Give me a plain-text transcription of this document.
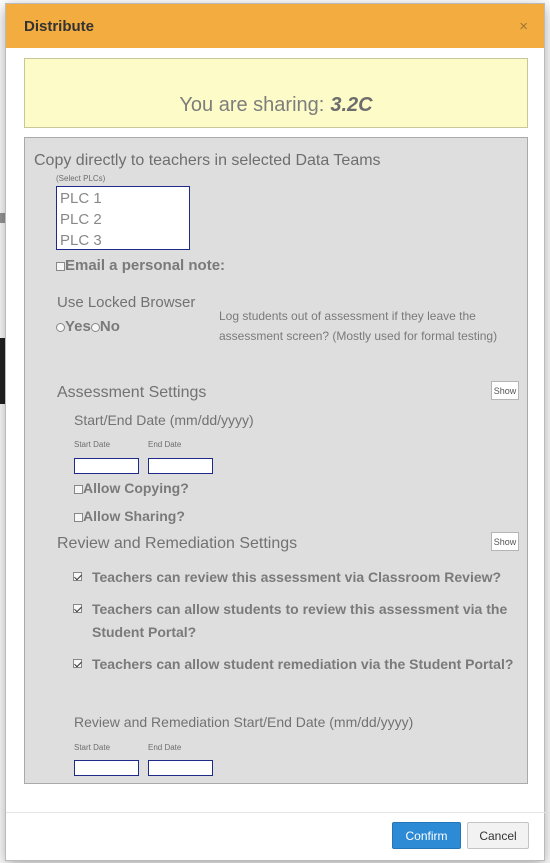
Distribute	×
You are sharing: 3.2C
Copy directly to teachers in selected Data Teams
(Select PLCs)
PLC 1
PLC 2
PLC 3
Email a personal note:
Use Locked Browser
Yes No
Log students out of assessment if they leave the assessment screen? (Mostly used for formal testing)
Assessment Settings	Show
Start/End Date (mm/dd/yyyy)
Start Date	End Date
Allow Copying?
Allow Sharing?
Review and Remediation Settings	Show
Teachers can review this assessment via Classroom Review?
Teachers can allow students to review this assessment via the Student Portal?
Teachers can allow student remediation via the Student Portal?
Review and Remediation Start/End Date (mm/dd/yyyy)
Start Date	End Date
Confirm	Cancel
